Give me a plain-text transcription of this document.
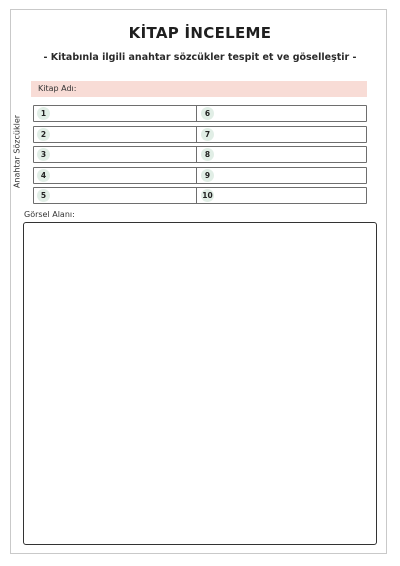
KİTAP İNCELEME
- Kitabınla ilgili anahtar sözcükler tespit et ve göselleştir -
Kitap Adı:
Anahtar Sözcükler
1	6
2	7
3	8
4	9
5	10
Görsel Alanı:
